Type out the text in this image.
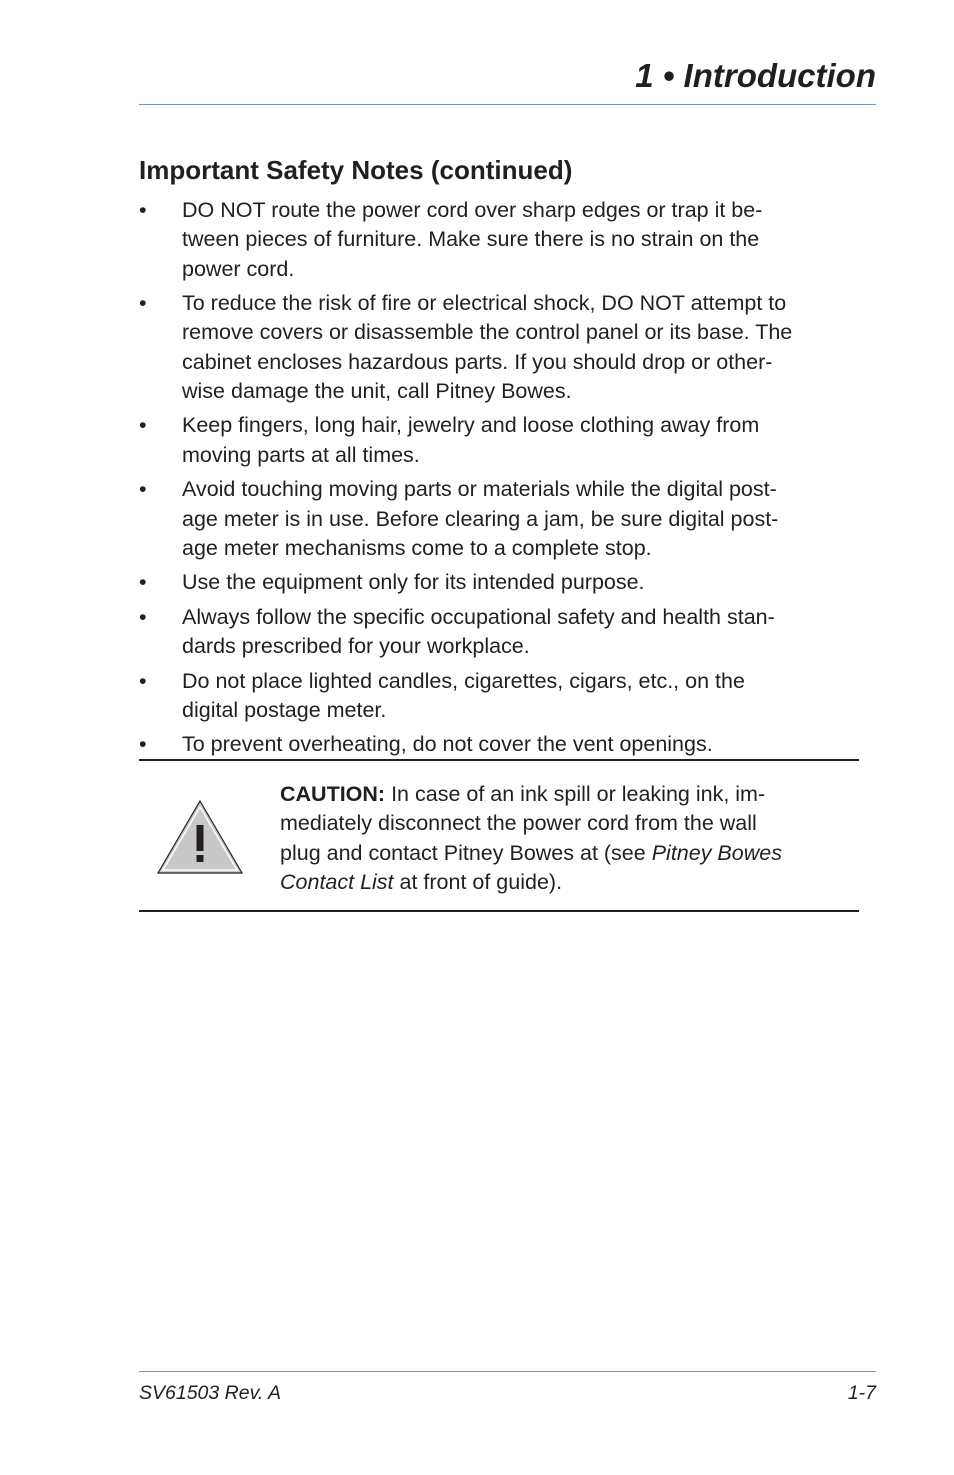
1 • Introduction
Important Safety Notes (continued)
• DO NOT route the power cord over sharp edges or trap it be-
tween pieces of furniture. Make sure there is no strain on the
power cord.
• To reduce the risk of fire or electrical shock, DO NOT attempt to
remove covers or disassemble the control panel or its base. The
cabinet encloses hazardous parts. If you should drop or other-
wise damage the unit, call Pitney Bowes.
• Keep fingers, long hair, jewelry and loose clothing away from
moving parts at all times.
• Avoid touching moving parts or materials while the digital post-
age meter is in use. Before clearing a jam, be sure digital post-
age meter mechanisms come to a complete stop.
• Use the equipment only for its intended purpose.
• Always follow the specific occupational safety and health stan-
dards prescribed for your workplace.
• Do not place lighted candles, cigarettes, cigars, etc., on the
digital postage meter.
• To prevent overheating, do not cover the vent openings.
CAUTION: In case of an ink spill or leaking ink, im-
mediately disconnect the power cord from the wall
plug and contact Pitney Bowes at (see Pitney Bowes
Contact List at front of guide).
SV61503 Rev. A	1-7
